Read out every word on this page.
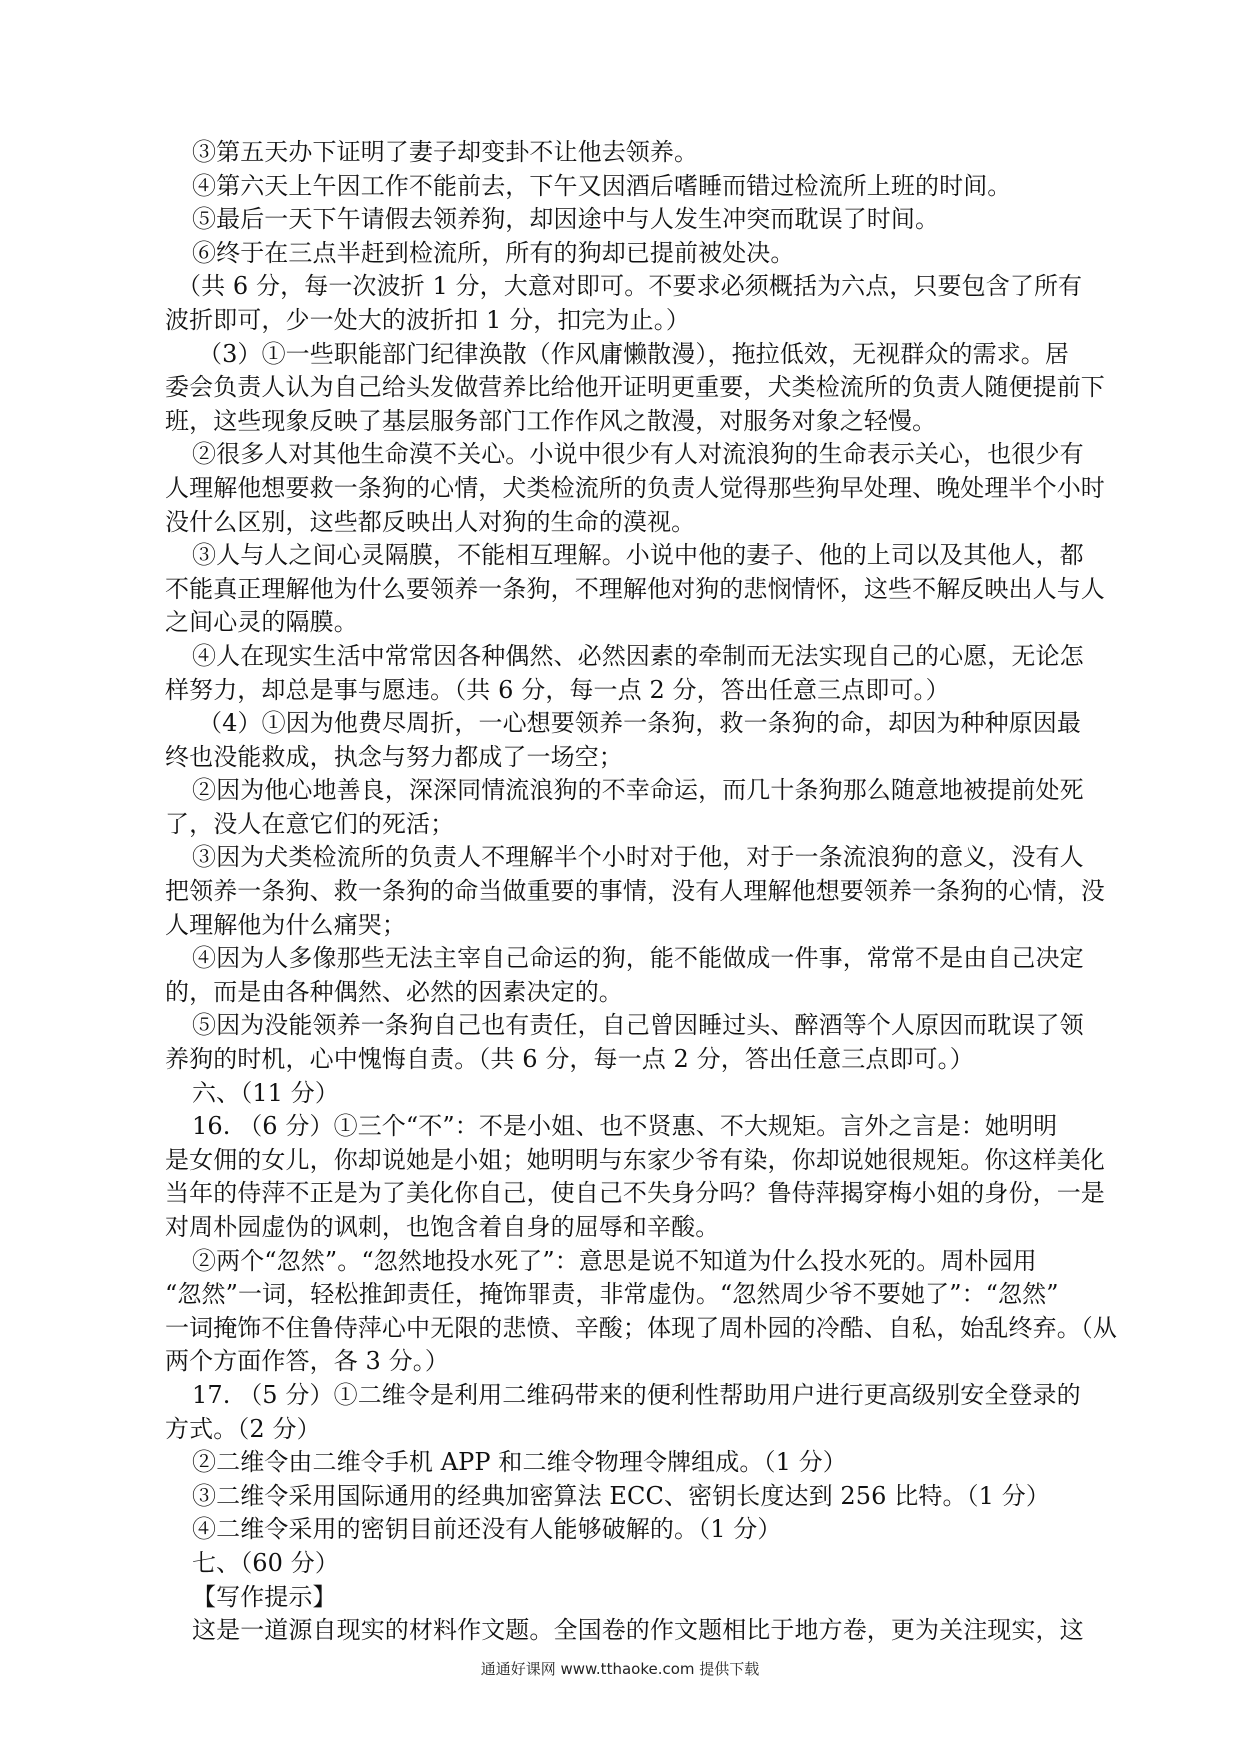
③第五天办下证明了妻子却变卦不让他去领养。
④第六天上午因工作不能前去，下午又因酒后嗜睡而错过检流所上班的时间。
⑤最后一天下午请假去领养狗，却因途中与人发生冲突而耽误了时间。
⑥终于在三点半赶到检流所，所有的狗却已提前被处决。
（共 6 分，每一次波折 1 分，大意对即可。不要求必须概括为六点，只要包含了所有
波折即可，少一处大的波折扣 1 分，扣完为止。）
（3）①一些职能部门纪律涣散（作风庸懒散漫），拖拉低效，无视群众的需求。居
委会负责人认为自己给头发做营养比给他开证明更重要，犬类检流所的负责人随便提前下
班，这些现象反映了基层服务部门工作作风之散漫，对服务对象之轻慢。
②很多人对其他生命漠不关心。小说中很少有人对流浪狗的生命表示关心，也很少有
人理解他想要救一条狗的心情，犬类检流所的负责人觉得那些狗早处理、晚处理半个小时
没什么区别，这些都反映出人对狗的生命的漠视。
③人与人之间心灵隔膜，不能相互理解。小说中他的妻子、他的上司以及其他人，都
不能真正理解他为什么要领养一条狗，不理解他对狗的悲悯情怀，这些不解反映出人与人
之间心灵的隔膜。
④人在现实生活中常常因各种偶然、必然因素的牵制而无法实现自己的心愿，无论怎
样努力，却总是事与愿违。（共 6 分，每一点 2 分，答出任意三点即可。）
（4）①因为他费尽周折，一心想要领养一条狗，救一条狗的命，却因为种种原因最
终也没能救成，执念与努力都成了一场空；
②因为他心地善良，深深同情流浪狗的不幸命运，而几十条狗那么随意地被提前处死
了，没人在意它们的死活；
③因为犬类检流所的负责人不理解半个小时对于他，对于一条流浪狗的意义，没有人
把领养一条狗、救一条狗的命当做重要的事情，没有人理解他想要领养一条狗的心情，没
人理解他为什么痛哭；
④因为人多像那些无法主宰自己命运的狗，能不能做成一件事，常常不是由自己决定
的，而是由各种偶然、必然的因素决定的。
⑤因为没能领养一条狗自己也有责任，自己曾因睡过头、醉酒等个人原因而耽误了领
养狗的时机，心中愧悔自责。（共 6 分，每一点 2 分，答出任意三点即可。）
六、（11 分）
16. （6 分）①三个“不”：不是小姐、也不贤惠、不大规矩。言外之言是：她明明
是女佣的女儿，你却说她是小姐；她明明与东家少爷有染，你却说她很规矩。你这样美化
当年的侍萍不正是为了美化你自己，使自己不失身分吗？鲁侍萍揭穿梅小姐的身份，一是
对周朴园虚伪的讽刺，也饱含着自身的屈辱和辛酸。
②两个“忽然”。“忽然地投水死了”：意思是说不知道为什么投水死的。周朴园用
“忽然”一词，轻松推卸责任，掩饰罪责，非常虚伪。“忽然周少爷不要她了”：“忽然”
一词掩饰不住鲁侍萍心中无限的悲愤、辛酸；体现了周朴园的冷酷、自私，始乱终弃。（从
两个方面作答，各 3 分。）
17. （5 分）①二维令是利用二维码带来的便利性帮助用户进行更高级别安全登录的
方式。（2 分）
②二维令由二维令手机 APP 和二维令物理令牌组成。（1 分）
③二维令采用国际通用的经典加密算法 ECC、密钥长度达到 256 比特。（1 分）
④二维令采用的密钥目前还没有人能够破解的。（1 分）
七、（60 分）
【写作提示】
这是一道源自现实的材料作文题。全国卷的作文题相比于地方卷，更为关注现实，这
通通好课网 www.tthaoke.com 提供下载
